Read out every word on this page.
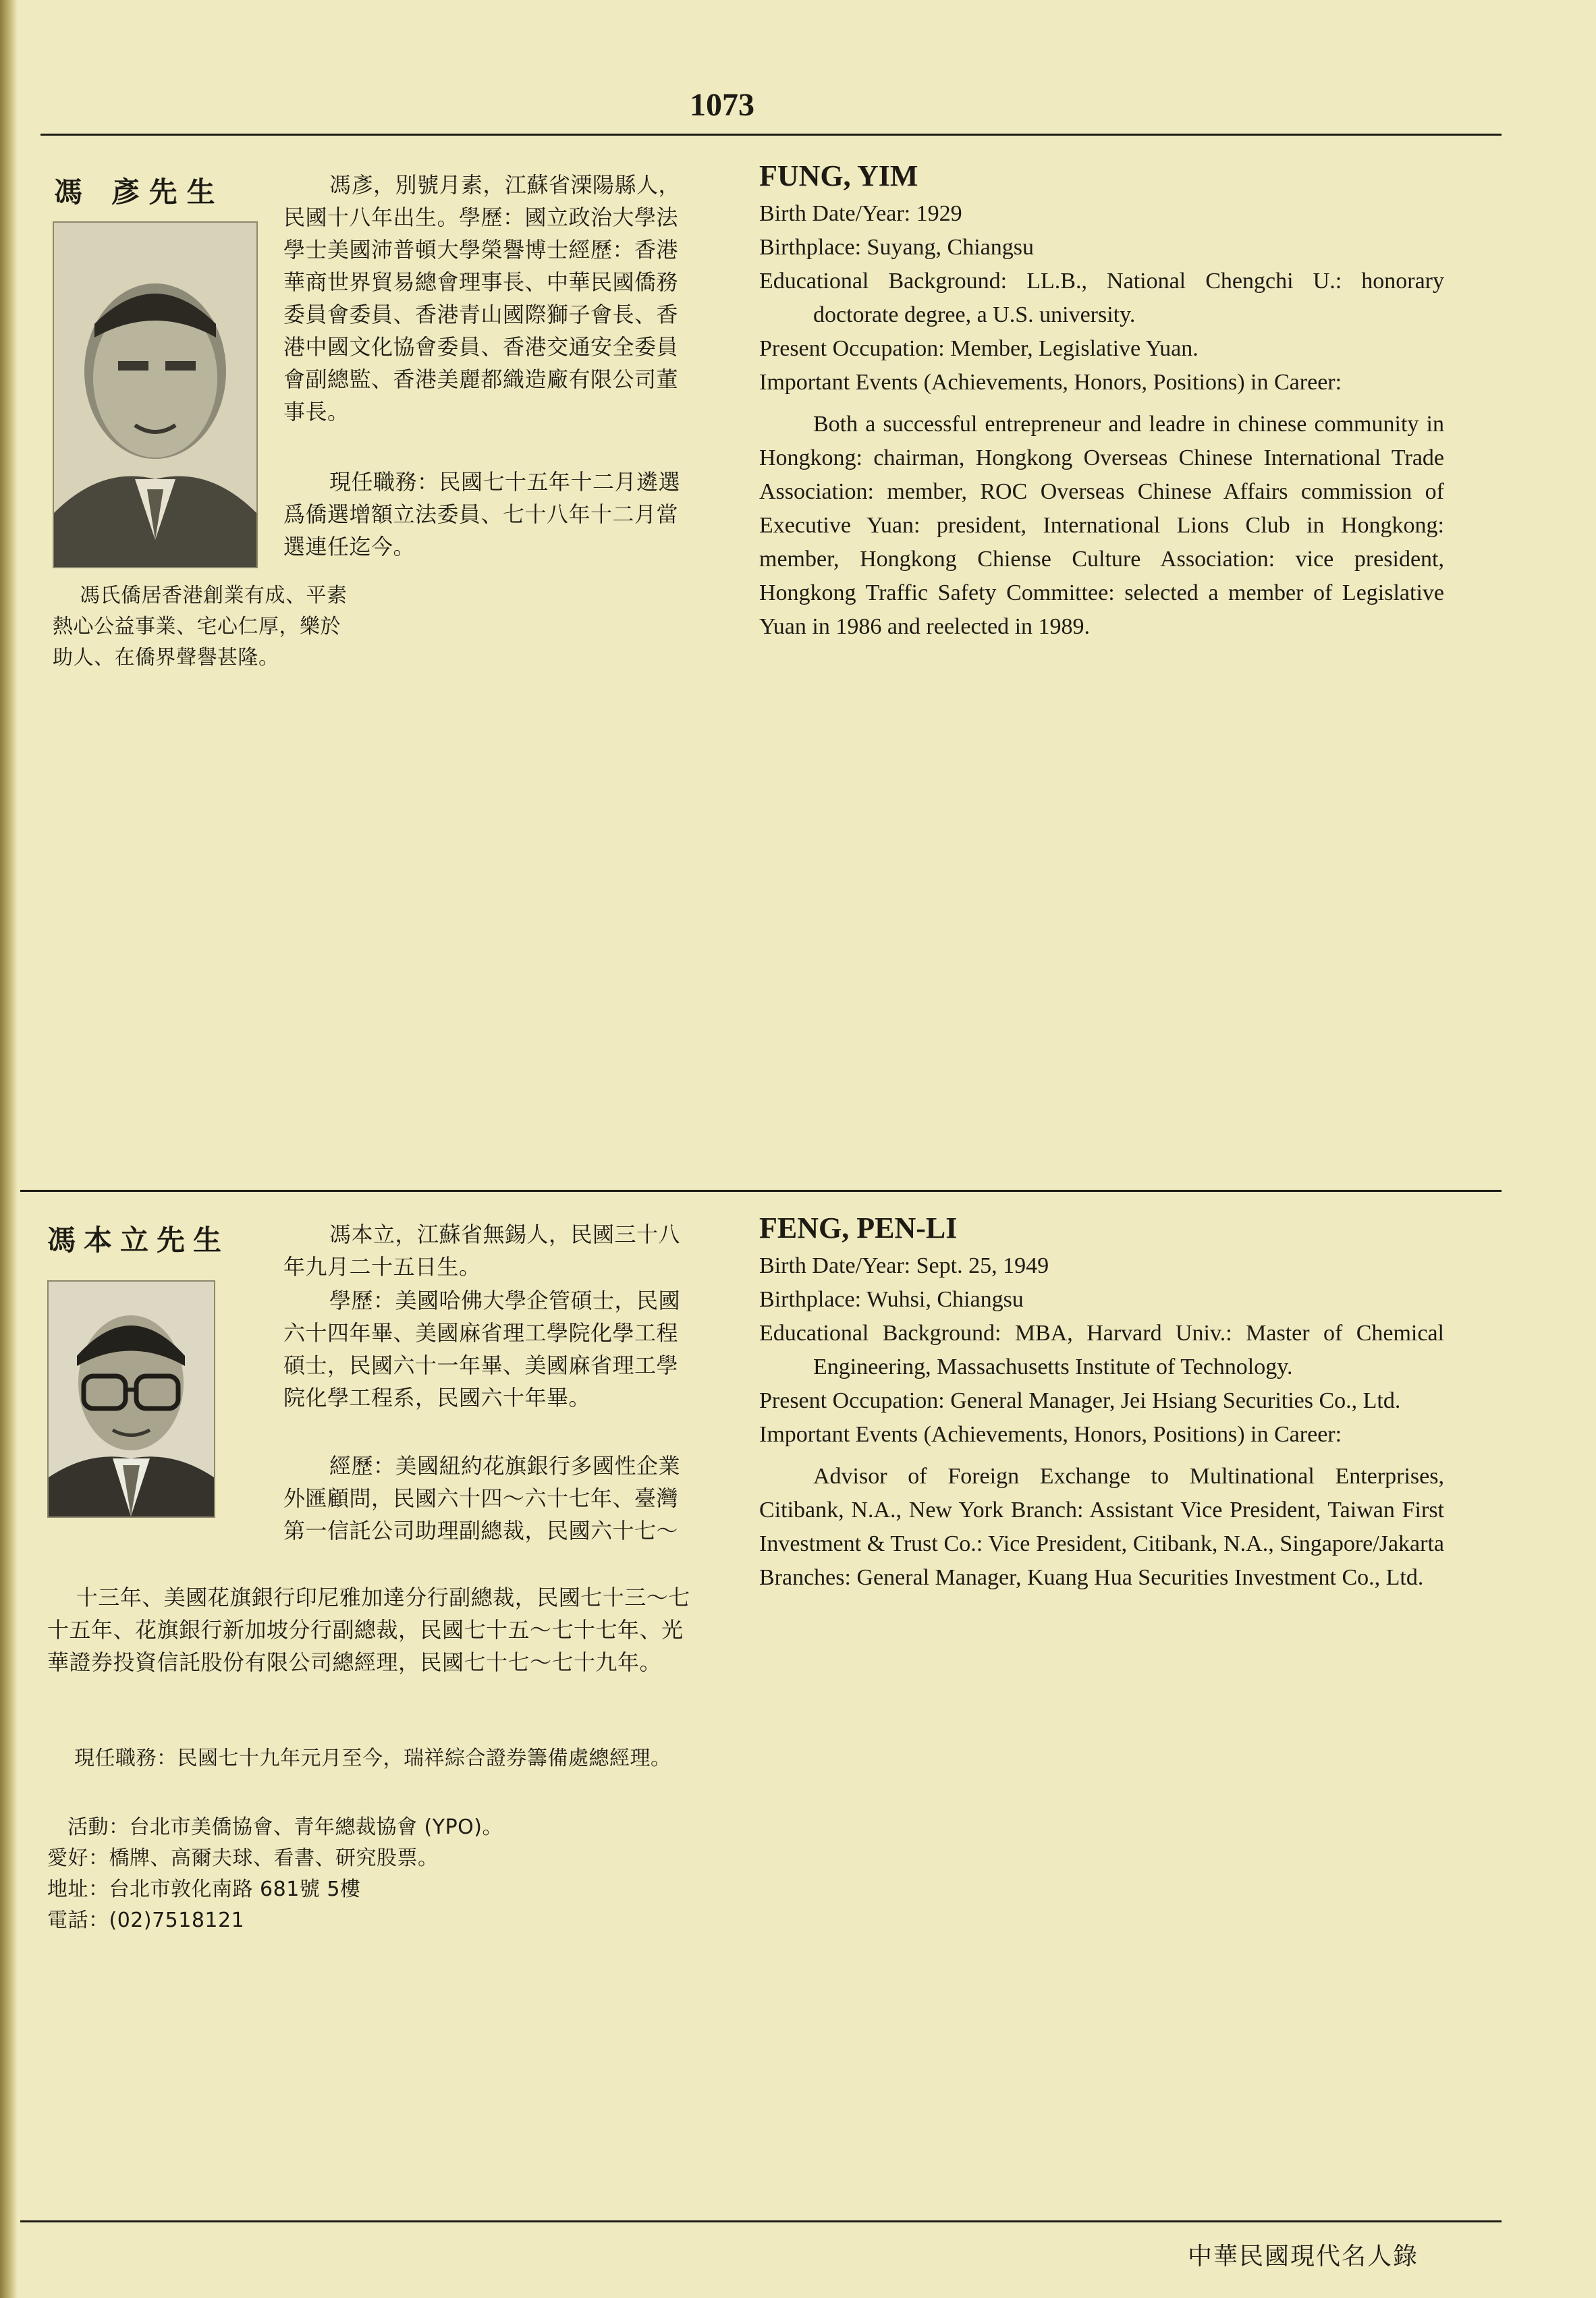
1073
馮 彥先生	馮彥，別號月素，江蘇省溧陽縣人，民國十八年出生。學歷：國立政治大學法學士美國沛普頓大學榮譽博士經歷：香港華商世界貿易總會理事長、中華民國僑務委員會委員、香港青山國際獅子會長、香港中國文化協會委員、香港交通安全委員會副總監、香港美麗都織造廠有限公司董事長。
現任職務：民國七十五年十二月遴選爲僑選增額立法委員、七十八年十二月當選連任迄今。
馮氏僑居香港創業有成、平素熱心公益事業、宅心仁厚，樂於助人、在僑界聲譽甚隆。
FUNG, YIM
Birth Date/Year: 1929
Birthplace: Suyang, Chiangsu
Educational Background: LL.B., National Chengchi U.: honorary doctorate degree, a U.S. university.
Present Occupation: Member, Legislative Yuan.
Important Events (Achievements, Honors, Positions) in Career:
Both a successful entrepreneur and leadre in chinese community in Hongkong: chairman, Hongkong Overseas Chinese International Trade Association: member, ROC Overseas Chinese Affairs commission of Executive Yuan: president, International Lions Club in Hongkong: member, Hongkong Chiense Culture Association: vice president, Hongkong Traffic Safety Committee: selected a member of Legislative Yuan in 1986 and reelected in 1989.
馮本立先生	馮本立，江蘇省無錫人，民國三十八年九月二十五日生。
學歷：美國哈佛大學企管碩士，民國六十四年畢、美國麻省理工學院化學工程碩士，民國六十一年畢、美國麻省理工學院化學工程系，民國六十年畢。
經歷：美國紐約花旗銀行多國性企業外匯顧問，民國六十四～六十七年、臺灣第一信託公司助理副總裁，民國六十七～

十三年、美國花旗銀行印尼雅加達分行副總裁，民國七十三～七十五年、花旗銀行新加坡分行副總裁，民國七十五～七十七年、光華證券投資信託股份有限公司總經理，民國七十七～七十九年。

現任職務：民國七十九年元月至今，瑞祥綜合證券籌備處總經理。
活動：台北市美僑協會、青年總裁協會 (YPO)。
愛好：橋牌、高爾夫球、看書、研究股票。
地址：台北市敦化南路 681號 5樓
電話：(02)7518121
FENG, PEN-LI
Birth Date/Year: Sept. 25, 1949
Birthplace: Wuhsi, Chiangsu
Educational Background: MBA, Harvard Univ.: Master of Chemical Engineering, Massachusetts Institute of Technology.
Present Occupation: General Manager, Jei Hsiang Securities Co., Ltd.
Important Events (Achievements, Honors, Positions) in Career:
Advisor of Foreign Exchange to Multinational Enterprises, Citibank, N.A., New York Branch: Assistant Vice President, Taiwan First Investment & Trust Co.: Vice President, Citibank, N.A., Singapore/Jakarta Branches: General Manager, Kuang Hua Securities Investment Co., Ltd.
中華民國現代名人錄
